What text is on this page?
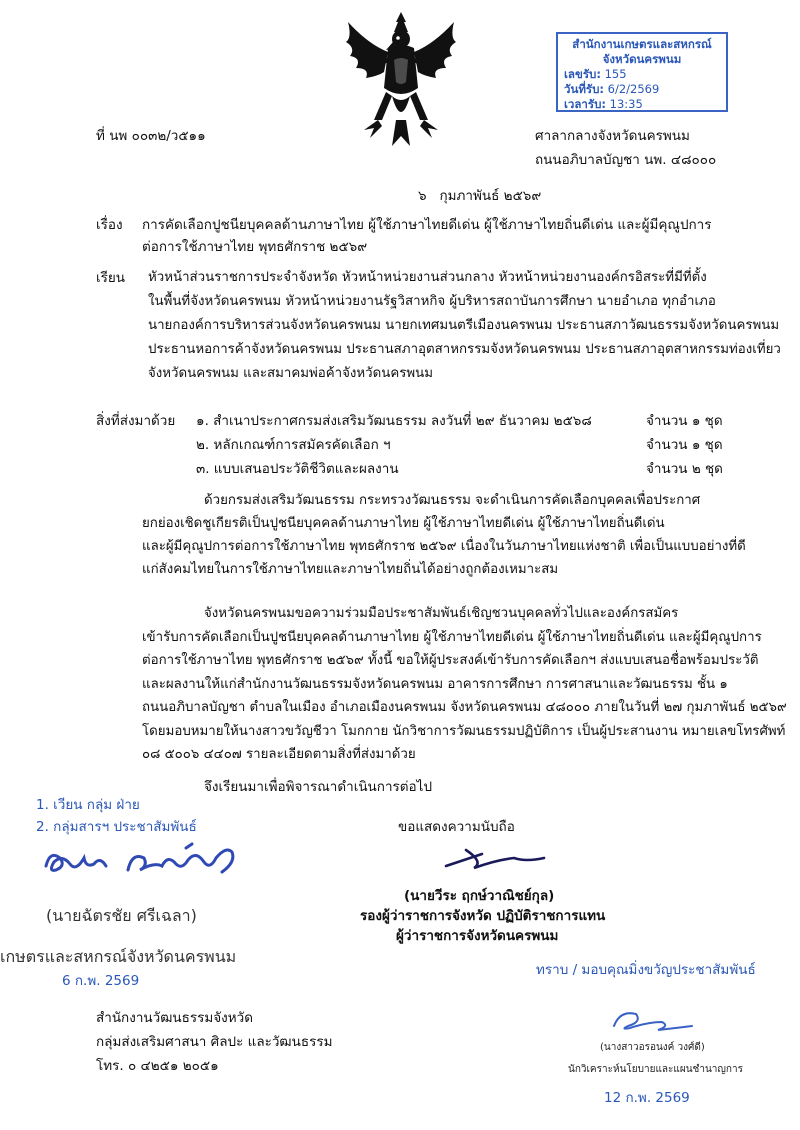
สำนักงานเกษตรและสหกรณ์
จังหวัดนครพนม
เลขรับ: 155
วันที่รับ: 6/2/2569
เวลารับ: 13:35
ที่ นพ ๐๐๓๒/ว๕๑๑	ศาลากลางจังหวัดนครพนม
ถนนอภิบาลบัญชา นพ. ๔๘๐๐๐
๖ กุมภาพันธ์ ๒๕๖๙
เรื่อง การคัดเลือกปูชนียบุคคลด้านภาษาไทย ผู้ใช้ภาษาไทยดีเด่น ผู้ใช้ภาษาไทยถิ่นดีเด่น และผู้มีคุณูปการ
ต่อการใช้ภาษาไทย พุทธศักราช ๒๕๖๙
เรียน หัวหน้าส่วนราชการประจำจังหวัด หัวหน้าหน่วยงานส่วนกลาง หัวหน้าหน่วยงานองค์กรอิสระที่มีที่ตั้ง
ในพื้นที่จังหวัดนครพนม หัวหน้าหน่วยงานรัฐวิสาหกิจ ผู้บริหารสถาบันการศึกษา นายอำเภอ ทุกอำเภอ
นายกองค์การบริหารส่วนจังหวัดนครพนม นายกเทศมนตรีเมืองนครพนม ประธานสภาวัฒนธรรมจังหวัดนครพนม
ประธานหอการค้าจังหวัดนครพนม ประธานสภาอุตสาหกรรมจังหวัดนครพนม ประธานสภาอุตสาหกรรมท่องเที่ยว
จังหวัดนครพนม และสมาคมพ่อค้าจังหวัดนครพนม
สิ่งที่ส่งมาด้วย ๑. สำเนาประกาศกรมส่งเสริมวัฒนธรรม ลงวันที่ ๒๙ ธันวาคม ๒๕๖๘	จำนวน ๑ ชุด
๒. หลักเกณฑ์การสมัครคัดเลือก ฯ	จำนวน ๑ ชุด
๓. แบบเสนอประวัติชีวิตและผลงาน	จำนวน ๒ ชุด
ด้วยกรมส่งเสริมวัฒนธรรม กระทรวงวัฒนธรรม จะดำเนินการคัดเลือกบุคคลเพื่อประกาศ
ยกย่องเชิดชูเกียรติเป็นปูชนียบุคคลด้านภาษาไทย ผู้ใช้ภาษาไทยดีเด่น ผู้ใช้ภาษาไทยถิ่นดีเด่น
และผู้มีคุณูปการต่อการใช้ภาษาไทย พุทธศักราช ๒๕๖๙ เนื่องในวันภาษาไทยแห่งชาติ เพื่อเป็นแบบอย่างที่ดี
แก่สังคมไทยในการใช้ภาษาไทยและภาษาไทยถิ่นได้อย่างถูกต้องเหมาะสม
จังหวัดนครพนมขอความร่วมมือประชาสัมพันธ์เชิญชวนบุคคลทั่วไปและองค์กรสมัคร
เข้ารับการคัดเลือกเป็นปูชนียบุคคลด้านภาษาไทย ผู้ใช้ภาษาไทยดีเด่น ผู้ใช้ภาษาไทยถิ่นดีเด่น และผู้มีคุณูปการ
ต่อการใช้ภาษาไทย พุทธศักราช ๒๕๖๙ ทั้งนี้ ขอให้ผู้ประสงค์เข้ารับการคัดเลือกฯ ส่งแบบเสนอชื่อพร้อมประวัติ
และผลงานให้แก่สำนักงานวัฒนธรรมจังหวัดนครพนม อาคารการศึกษา การศาสนาและวัฒนธรรม ชั้น ๑
ถนนอภิบาลบัญชา ตำบลในเมือง อำเภอเมืองนครพนม จังหวัดนครพนม ๔๘๐๐๐ ภายในวันที่ ๒๗ กุมภาพันธ์ ๒๕๖๙
โดยมอบหมายให้นางสาวขวัญชีวา โมกกาย นักวิชาการวัฒนธรรมปฏิบัติการ เป็นผู้ประสานงาน หมายเลขโทรศัพท์
๐๘ ๕๐๐๖ ๔๔๐๗ รายละเอียดตามสิ่งที่ส่งมาด้วย
จึงเรียนมาเพื่อพิจารณาดำเนินการต่อไป
1. เวียน กลุ่ม ฝ่าย
2. กลุ่มสารฯ ประชาสัมพันธ์
(นายฉัตรชัย ศรีเฉลา)
เกษตรและสหกรณ์จังหวัดนครพนม
6 ก.พ. 2569
ขอแสดงความนับถือ
(นายวีระ ฤกษ์วาณิชย์กุล)
รองผู้ว่าราชการจังหวัด ปฏิบัติราชการแทน
ผู้ว่าราชการจังหวัดนครพนม
ทราบ / มอบคุณมิ่งขวัญประชาสัมพันธ์
(นางสาวอรอนงค์ วงศ์ดี)
นักวิเคราะห์นโยบายและแผนชำนาญการ
12 ก.พ. 2569
สำนักงานวัฒนธรรมจังหวัด
กลุ่มส่งเสริมศาสนา ศิลปะ และวัฒนธรรม
โทร. ๐ ๔๒๕๑ ๒๐๕๑
